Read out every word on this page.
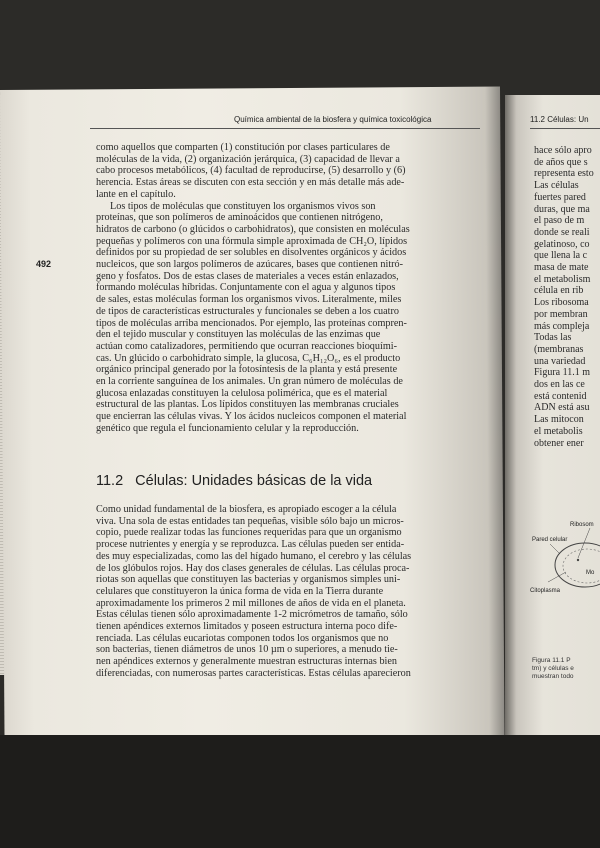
Química ambiental de la biosfera y química toxicológica
492
como aquellos que comparten (1) constitución por clases particulares de
moléculas de la vida, (2) organización jerárquica, (3) capacidad de llevar a
cabo procesos metabólicos, (4) facultad de reproducirse, (5) desarrollo y (6)
herencia. Estas áreas se discuten con esta sección y en más detalle más ade-
lante en el capítulo.
Los tipos de moléculas que constituyen los organismos vivos son
proteínas, que son polímeros de aminoácidos que contienen nitrógeno,
hidratos de carbono (o glúcidos o carbohidratos), que consisten en moléculas
pequeñas y polímeros con una fórmula simple aproximada de CH₂O, lípidos
definidos por su propiedad de ser solubles en disolventes orgánicos y ácidos
nucleicos, que son largos polímeros de azúcares, bases que contienen nitró-
geno y fosfatos. Dos de estas clases de materiales a veces están enlazados,
formando moléculas híbridas. Conjuntamente con el agua y algunos tipos
de sales, estas moléculas forman los organismos vivos. Literalmente, miles
de tipos de características estructurales y funcionales se deben a los cuatro
tipos de moléculas arriba mencionados. Por ejemplo, las proteínas compren-
den el tejido muscular y constituyen las moléculas de las enzimas que
actúan como catalizadores, permitiendo que ocurran reacciones bioquími-
cas. Un glúcido o carbohidrato simple, la glucosa, C₆H₁₂O₆, es el producto
orgánico principal generado por la fotosíntesis de la planta y está presente
en la corriente sanguínea de los animales. Un gran número de moléculas de
glucosa enlazadas constituyen la celulosa polimérica, que es el material
estructural de las plantas. Los lípidos constituyen las membranas cruciales
que encierran las células vivas. Y los ácidos nucleicos componen el material
genético que regula el funcionamiento celular y la reproducción.
11.2 Células: Unidades básicas de la vida
Como unidad fundamental de la biosfera, es apropiado escoger a la célula
viva. Una sola de estas entidades tan pequeñas, visible sólo bajo un micros-
copio, puede realizar todas las funciones requeridas para que un organismo
procese nutrientes y energía y se reproduzca. Las células pueden ser entida-
des muy especializadas, como las del hígado humano, el cerebro y las células
de los glóbulos rojos. Hay dos clases generales de células. Las células proca-
riotas son aquellas que constituyen las bacterias y organismos simples uni-
celulares que constituyeron la única forma de vida en la Tierra durante
aproximadamente los primeros 2 mil millones de años de vida en el planeta.
Estas células tienen sólo aproximadamente 1-2 micrómetros de tamaño, sólo
tienen apéndices externos limitados y poseen estructura interna poco dife-
renciada. Las células eucariotas componen todos los organismos que no
son bacterias, tienen diámetros de unos 10 µm o superiores, a menudo tie-
nen apéndices externos y generalmente muestran estructuras internas bien
diferenciadas, con numerosas partes características. Estas células aparecieron
11.2 Células: Un
hace sólo apro
de años que s
representa esto
Las células
fuertes pared
duras, que ma
el paso de m
donde se reali
gelatinoso, co
que llena la c
masa de mate
el metabolism
célula en rib
Los ribosoma
por membran
más compleja
Todas las
(membranas
una variedad
Figura 11.1 m
dos en las ce
está contenid
ADN está asu
Las mitocon
el metabolis
obtener ener
Ribosom
Pared celular
Mo
Citoplasma
Figura 11.1 P
tm) y células e
muestran todo
